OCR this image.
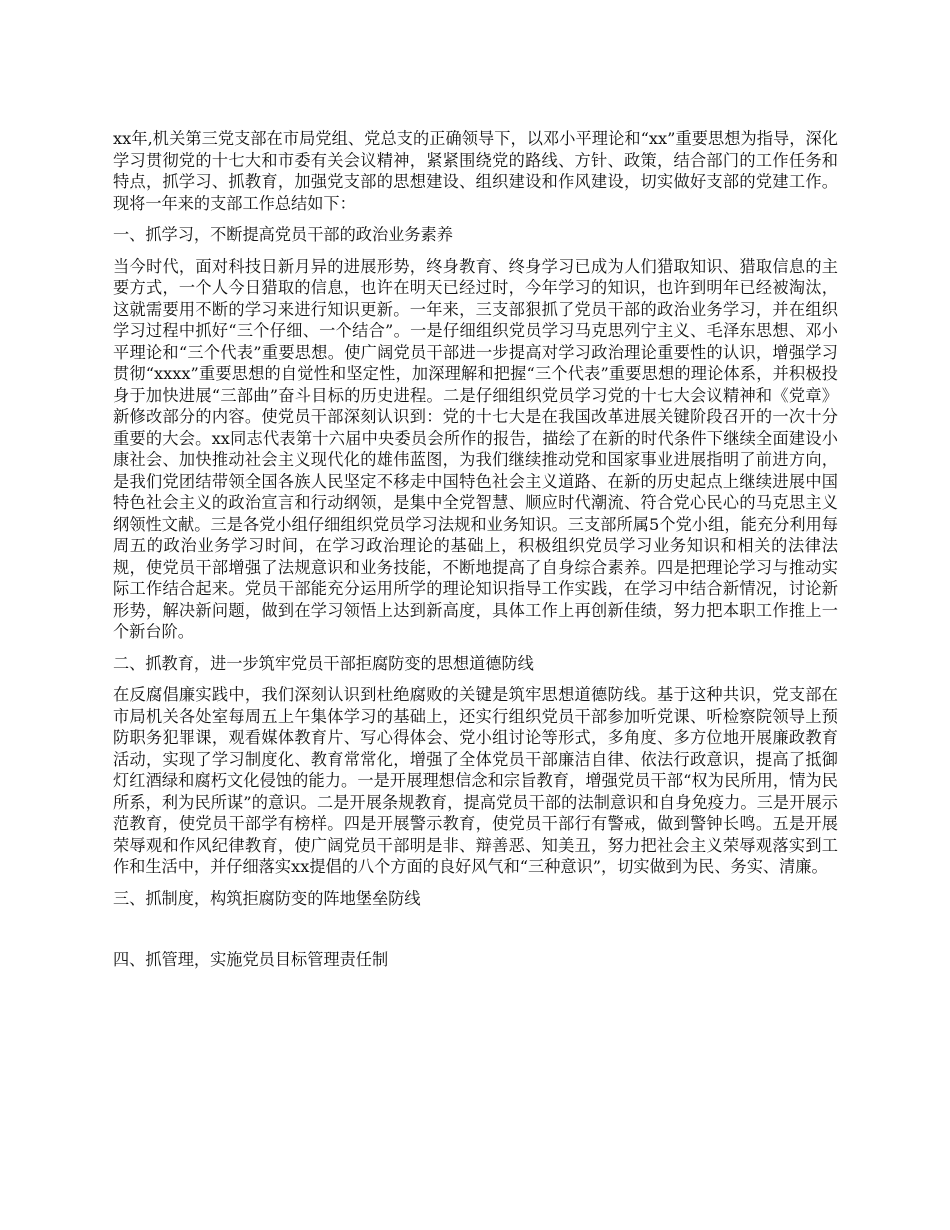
xx年,机关第三党支部在市局党组、党总支的正确领导下，以邓小平理论和“xx”重要思想为指导，深化学习贯彻党的十七大和市委有关会议精神，紧紧围绕党的路线、方针、政策，结合部门的工作任务和特点，抓学习、抓教育，加强党支部的思想建设、组织建设和作风建设，切实做好支部的党建工作。现将一年来的支部工作总结如下：

一、抓学习，不断提高党员干部的政治业务素养

当今时代，面对科技日新月异的进展形势，终身教育、终身学习已成为人们猎取知识、猎取信息的主要方式，一个人今日猎取的信息，也许在明天已经过时，今年学习的知识，也许到明年已经被淘汰，这就需要用不断的学习来进行知识更新。一年来，三支部狠抓了党员干部的政治业务学习，并在组织学习过程中抓好“三个仔细、一个结合”。一是仔细组织党员学习马克思列宁主义、毛泽东思想、邓小平理论和“三个代表”重要思想。使广阔党员干部进一步提高对学习政治理论重要性的认识，增强学习贯彻“xxxx”重要思想的自觉性和坚定性，加深理解和把握“三个代表”重要思想的理论体系，并积极投身于加快进展“三部曲”奋斗目标的历史进程。二是仔细组织党员学习党的十七大会议精神和《党章》新修改部分的内容。使党员干部深刻认识到：党的十七大是在我国改革进展关键阶段召开的一次十分重要的大会。xx同志代表第十六届中央委员会所作的报告，描绘了在新的时代条件下继续全面建设小康社会、加快推动社会主义现代化的雄伟蓝图，为我们继续推动党和国家事业进展指明了前进方向，是我们党团结带领全国各族人民坚定不移走中国特色社会主义道路、在新的历史起点上继续进展中国特色社会主义的政治宣言和行动纲领，是集中全党智慧、顺应时代潮流、符合党心民心的马克思主义纲领性文献。三是各党小组仔细组织党员学习法规和业务知识。三支部所属5个党小组，能充分利用每周五的政治业务学习时间，在学习政治理论的基础上，积极组织党员学习业务知识和相关的法律法规，使党员干部增强了法规意识和业务技能，不断地提高了自身综合素养。四是把理论学习与推动实际工作结合起来。党员干部能充分运用所学的理论知识指导工作实践，在学习中结合新情况，讨论新形势，解决新问题，做到在学习领悟上达到新高度，具体工作上再创新佳绩，努力把本职工作推上一个新台阶。

二、抓教育，进一步筑牢党员干部拒腐防变的思想道德防线

在反腐倡廉实践中，我们深刻认识到杜绝腐败的关键是筑牢思想道德防线。基于这种共识，党支部在市局机关各处室每周五上午集体学习的基础上，还实行组织党员干部参加听党课、听检察院领导上预防职务犯罪课，观看媒体教育片、写心得体会、党小组讨论等形式，多角度、多方位地开展廉政教育活动，实现了学习制度化、教育常常化，增强了全体党员干部廉洁自律、依法行政意识，提高了抵御灯红酒绿和腐朽文化侵蚀的能力。一是开展理想信念和宗旨教育，增强党员干部“权为民所用，情为民所系，利为民所谋”的意识。二是开展条规教育，提高党员干部的法制意识和自身免疫力。三是开展示范教育，使党员干部学有榜样。四是开展警示教育，使党员干部行有警戒，做到警钟长鸣。五是开展荣辱观和作风纪律教育，使广阔党员干部明是非、辩善恶、知美丑，努力把社会主义荣辱观落实到工作和生活中，并仔细落实xx提倡的八个方面的良好风气和“三种意识”，切实做到为民、务实、清廉。

三、抓制度，构筑拒腐防变的阵地堡垒防线

四、抓管理，实施党员目标管理责任制
